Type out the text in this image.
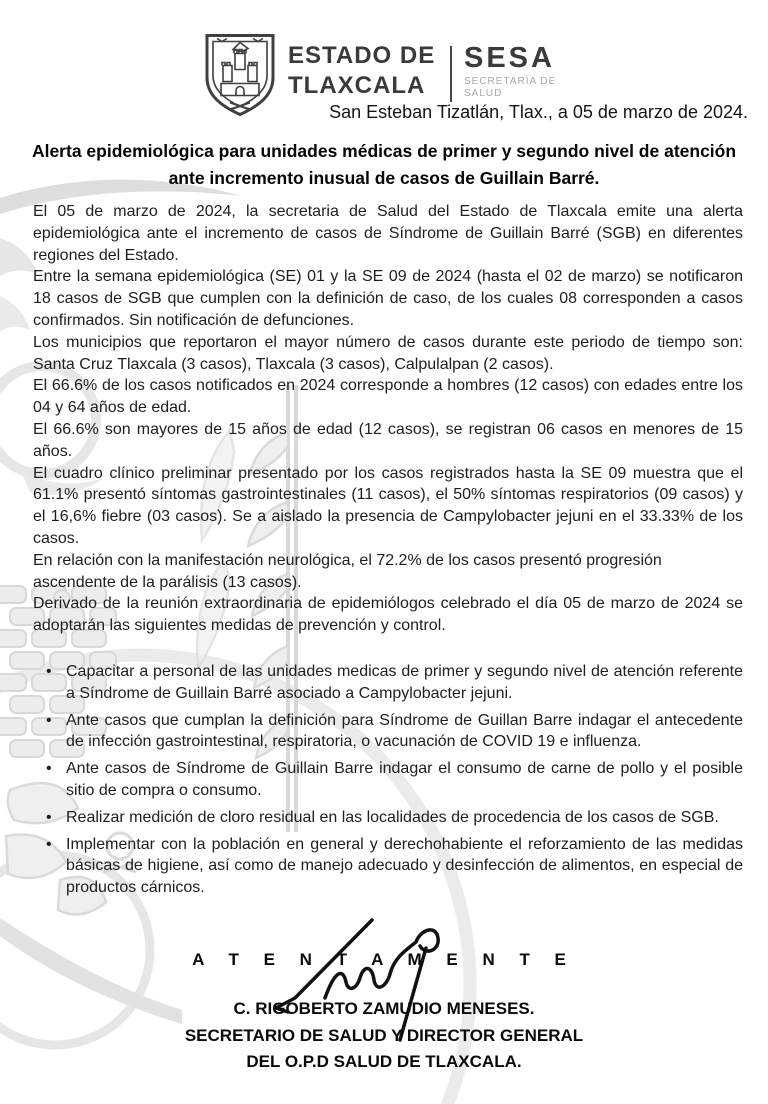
ESTADO DE
TLAXCALA
SESA
SECRETARÍA DE
SALUD
San Esteban Tizatlán, Tlax., a 05 de marzo de 2024.
Alerta epidemiológica para unidades médicas de primer y segundo nivel de atención ante incremento inusual de casos de Guillain Barré.

El 05 de marzo de 2024, la secretaria de Salud del Estado de Tlaxcala emite una alerta epidemiológica ante el incremento de casos de Síndrome de Guillain Barré (SGB) en diferentes regiones del Estado.

Entre la semana epidemiológica (SE) 01 y la SE 09 de 2024 (hasta el 02 de marzo) se notificaron 18 casos de SGB que cumplen con la definición de caso, de los cuales 08 corresponden a casos confirmados. Sin notificación de defunciones.

Los municipios que reportaron el mayor número de casos durante este periodo de tiempo son: Santa Cruz Tlaxcala (3 casos), Tlaxcala (3 casos), Calpulalpan (2 casos).

El 66.6% de los casos notificados en 2024 corresponde a hombres (12 casos) con edades entre los 04 y 64 años de edad.

El 66.6% son mayores de 15 años de edad (12 casos), se registran 06 casos en menores de 15 años.

El cuadro clínico preliminar presentado por los casos registrados hasta la SE 09 muestra que el 61.1% presentó síntomas gastrointestinales (11 casos), el 50% síntomas respiratorios (09 casos) y el 16,6% fiebre (03 casos). Se a aislado la presencia de Campylobacter jejuni en el 33.33% de los casos.

En relación con la manifestación neurológica, el 72.2% de los casos presentó progresión ascendente de la parálisis (13 casos).

Derivado de la reunión extraordinaria de epidemiólogos celebrado el día 05 de marzo de 2024 se adoptarán las siguientes medidas de prevención y control.

• Capacitar a personal de las unidades medicas de primer y segundo nivel de atención referente a Síndrome de Guillain Barré asociado a Campylobacter jejuni.
• Ante casos que cumplan la definición para Síndrome de Guillan Barre indagar el antecedente de infección gastrointestinal, respiratoria, o vacunación de COVID 19 e influenza.
• Ante casos de Síndrome de Guillain Barre indagar el consumo de carne de pollo y el posible sitio de compra o consumo.
• Realizar medición de cloro residual en las localidades de procedencia de los casos de SGB.
• Implementar con la población en general y derechohabiente el reforzamiento de las medidas básicas de higiene, así como de manejo adecuado y desinfección de alimentos, en especial de productos cárnicos.
A T E N T A M E N T E
C. RIGOBERTO ZAMUDIO MENESES.
SECRETARIO DE SALUD Y DIRECTOR GENERAL
DEL O.P.D SALUD DE TLAXCALA.
